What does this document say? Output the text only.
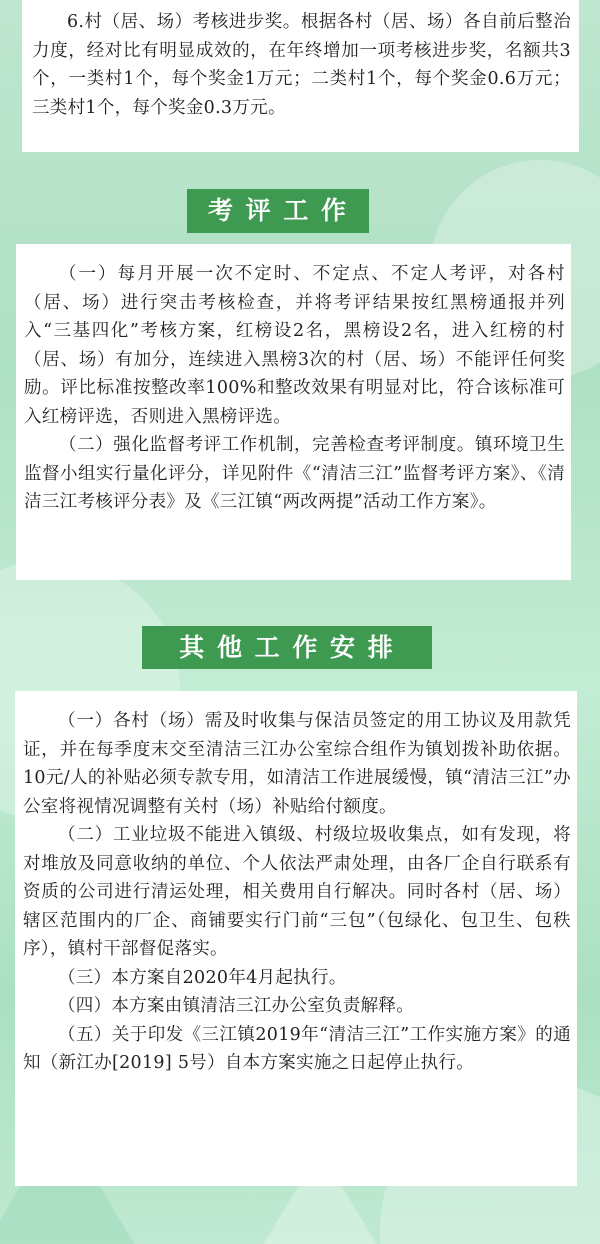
6.村（居、场）考核进步奖。根据各村（居、场）各自前后整治力度，经对比有明显成效的，在年终增加一项考核进步奖，名额共3个，一类村1个，每个奖金1万元；二类村1个，每个奖金0.6万元；三类村1个，每个奖金0.3万元。

考 评 工 作

（一）每月开展一次不定时、不定点、不定人考评，对各村（居、场）进行突击考核检查，并将考评结果按红黑榜通报并列入“三基四化”考核方案，红榜设2名，黑榜设2名，进入红榜的村（居、场）有加分，连续进入黑榜3次的村（居、场）不能评任何奖励。评比标准按整改率100%和整改效果有明显对比，符合该标准可入红榜评选，否则进入黑榜评选。

（二）强化监督考评工作机制，完善检查考评制度。镇环境卫生监督小组实行量化评分，详见附件《“清洁三江”监督考评方案》、《清洁三江考核评分表》及《三江镇“两改两提”活动工作方案》。

其 他 工 作 安 排

（一）各村（场）需及时收集与保洁员签定的用工协议及用款凭证，并在每季度末交至清洁三江办公室综合组作为镇划拨补助依据。10元/人的补贴必须专款专用，如清洁工作进展缓慢，镇“清洁三江”办公室将视情况调整有关村（场）补贴给付额度。

（二）工业垃圾不能进入镇级、村级垃圾收集点，如有发现，将对堆放及同意收纳的单位、个人依法严肃处理，由各厂企自行联系有资质的公司进行清运处理，相关费用自行解决。同时各村（居、场）辖区范围内的厂企、商铺要实行门前“三包”（包绿化、包卫生、包秩序），镇村干部督促落实。

（三）本方案自2020年4月起执行。

（四）本方案由镇清洁三江办公室负责解释。

（五）关于印发《三江镇2019年“清洁三江”工作实施方案》的通知（新江办[2019] 5号）自本方案实施之日起停止执行。
